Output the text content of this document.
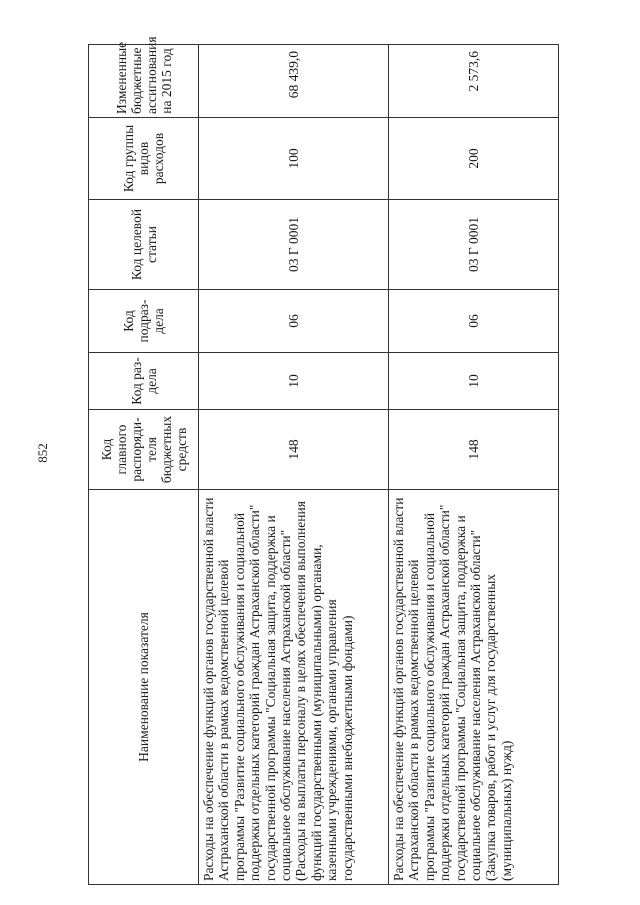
852
Наименование показателя	Код главного распоряди-теля бюджетных средств	Код раз-дела	Код подраз-дела	Код целевой статьи	Код группы видов расходов	Измененные бюджетные ассигнования на 2015 год
Расходы на обеспечение функций органов государственной власти Астраханской области в рамках ведомственной целевой программы "Развитие социального обслуживания и социальной поддержки отдельных категорий граждан Астраханской области" государственной программы "Социальная защита, поддержка и социальное обслуживание населения Астраханской области" (Расходы на выплаты персоналу в целях обеспечения выполнения функций государственными (муниципальными) органами, казенными учреждениями, органами управления государственными внебюджетными фондами)	148	10	06	03 Г 0001	100	68 439,0
Расходы на обеспечение функций органов государственной власти Астраханской области в рамках ведомственной целевой программы "Развитие социального обслуживания и социальной поддержки отдельных категорий граждан Астраханской области" государственной программы "Социальная защита, поддержка и социальное обслуживание населения Астраханской области" (Закупка товаров, работ и услуг для государственных (муниципальных) нужд)	148	10	06	03 Г 0001	200	2 573,6
